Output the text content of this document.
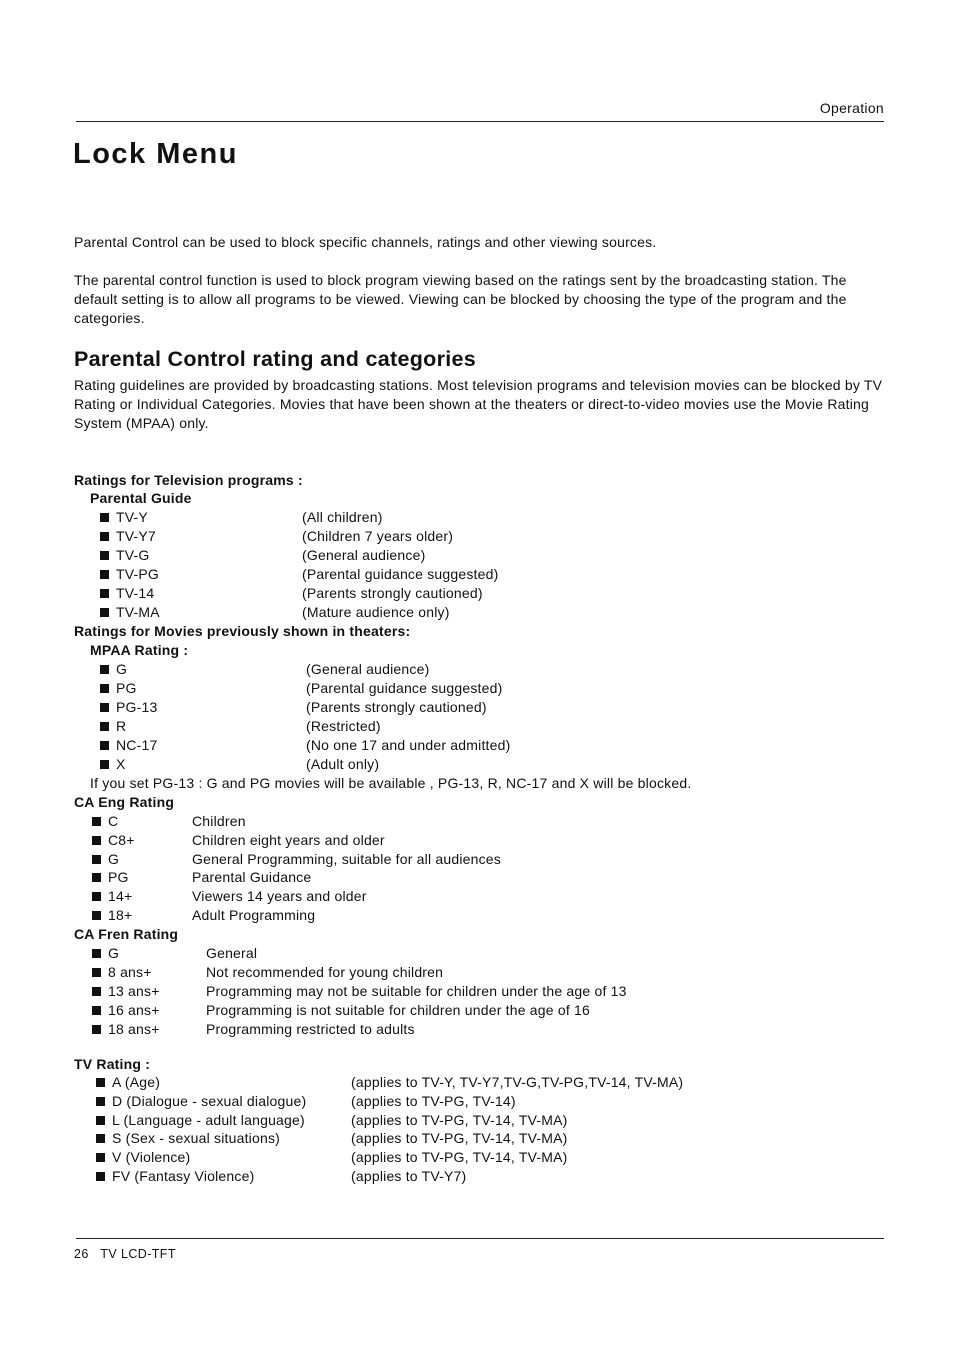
Operation
Lock Menu

Parental Control can be used to block specific channels, ratings and other viewing sources.

The parental control function is used to block program viewing based on the ratings sent by the broadcasting station. The default setting is to allow all programs to be viewed. Viewing can be blocked by choosing the type of the program and the categories.

Parental Control rating and categories

Rating guidelines are provided by broadcasting stations. Most television programs and television movies can be blocked by TV Rating or Individual Categories. Movies that have been shown at the theaters or direct-to-video movies use the Movie Rating System (MPAA) only.

Ratings for Television programs :
Parental Guide
TV-Y	(All children)
TV-Y7	(Children 7 years older)
TV-G	(General audience)
TV-PG	(Parental guidance suggested)
TV-14	(Parents strongly cautioned)
TV-MA	(Mature audience only)
Ratings for Movies previously shown in theaters:
MPAA Rating :
G	(General audience)
PG	(Parental guidance suggested)
PG-13	(Parents strongly cautioned)
R	(Restricted)
NC-17	(No one 17 and under admitted)
X	(Adult only)
If you set PG-13 : G and PG movies will be available , PG-13, R, NC-17 and X will be blocked.
CA Eng Rating
C	Children
C8+	Children eight years and older
G	General Programming, suitable for all audiences
PG	Parental Guidance
14+	Viewers 14 years and older
18+	Adult Programming
CA Fren Rating
G	General
8 ans+	Not recommended for young children
13 ans+	Programming may not be suitable for children under the age of 13
16 ans+	Programming is not suitable for children under the age of 16
18 ans+	Programming restricted to adults
TV Rating :
A (Age)	(applies to TV-Y, TV-Y7,TV-G,TV-PG,TV-14, TV-MA)
D (Dialogue - sexual dialogue)	(applies to TV-PG, TV-14)
L (Language - adult language)	(applies to TV-PG, TV-14, TV-MA)
S (Sex - sexual situations)	(applies to TV-PG, TV-14, TV-MA)
V (Violence)	(applies to TV-PG, TV-14, TV-MA)
FV (Fantasy Violence)	(applies to TV-Y7)
26 TV LCD-TFT
